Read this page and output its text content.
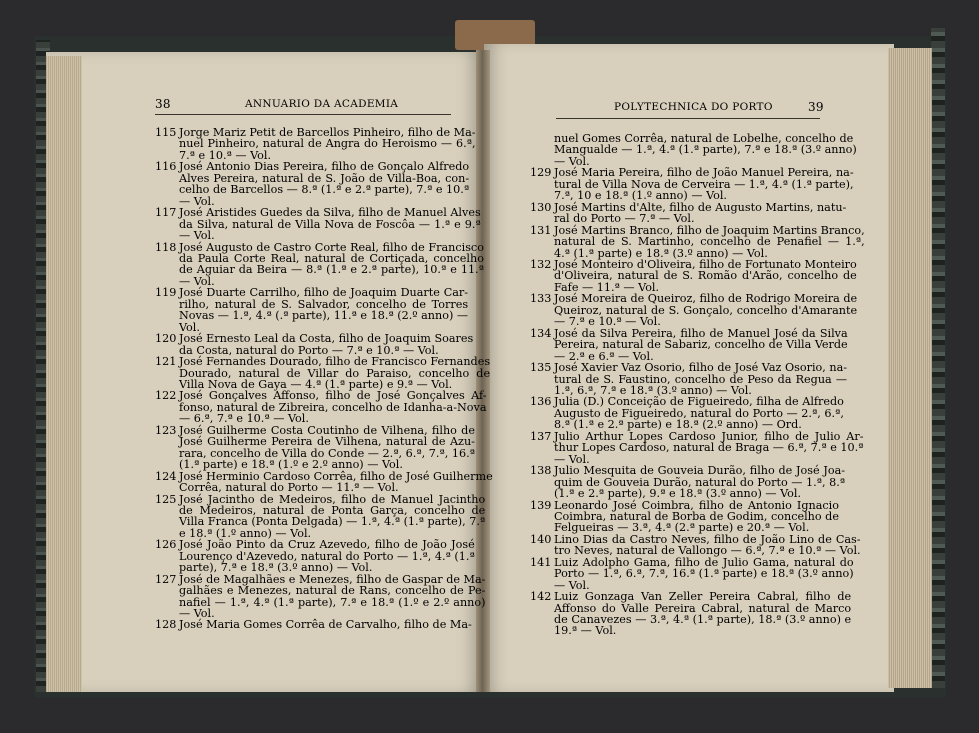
38	ANNUARIO DA ACADEMIA	POLYTECHNICA DO PORTO	39
115 Jorge Mariz Petit de Barcellos Pinheiro, filho de Ma-
nuel Pinheiro, natural de Angra do Heroismo — 6.ª,
7.ª e 10.ª — Vol.
116 José Antonio Dias Pereira, filho de Gonçalo Alfredo
Alves Pereira, natural de S. João de Villa-Boa, con-
celho de Barcellos — 8.ª (1.ª e 2.ª parte), 7.ª e 10.ª
— Vol.
117 José Aristides Guedes da Silva, filho de Manuel Alves
da Silva, natural de Villa Nova de Foscôa — 1.ª e 9.ª
— Vol.
118 José Augusto de Castro Corte Real, filho de Francisco
da Paula Corte Real, natural de Cortiçada, concelho
de Aguiar da Beira — 8.ª (1.ª e 2.ª parte), 10.ª e 11.ª
— Vol.
119 José Duarte Carrilho, filho de Joaquim Duarte Car-
rilho, natural de S. Salvador, concelho de Torres
Novas — 1.ª, 4.ª (.ª parte), 11.ª e 18.ª (2.º anno) —
Vol.
120 José Ernesto Leal da Costa, filho de Joaquim Soares
da Costa, natural do Porto — 7.ª e 10.ª — Vol.
121 José Fernandes Dourado, filho de Francisco Fernandes
Dourado, natural de Villar do Paraiso, concelho de
Villa Nova de Gaya — 4.ª (1.ª parte) e 9.ª — Vol.
122 José Gonçalves Affonso, filho de José Gonçalves Af-
fonso, natural de Zibreira, concelho de Idanha-a-Nova
— 6.ª, 7.ª e 10.ª — Vol.
123 José Guilherme Costa Coutinho de Vilhena, filho de
José Guilherme Pereira de Vilhena, natural de Azu-
rara, concelho de Villa do Conde — 2.ª, 6.ª, 7.ª, 16.ª
(1.ª parte) e 18.ª (1.º e 2.º anno) — Vol.
124 José Herminio Cardoso Corrêa, filho de José Guilherme
Corrêa, natural do Porto — 11.ª — Vol.
125 José Jacintho de Medeiros, filho de Manuel Jacintho
de Medeiros, natural de Ponta Garça, concelho de
Villa Franca (Ponta Delgada) — 1.ª, 4.ª (1.ª parte), 7.ª
e 18.ª (1.º anno) — Vol.
126 José João Pinto da Cruz Azevedo, filho de João José
Lourenço d'Azevedo, natural do Porto — 1.ª, 4.ª (1.ª
parte), 7.ª e 18.ª (3.º anno) — Vol.
127 José de Magalhães e Menezes, filho de Gaspar de Ma-
galhães e Menezes, natural de Rans, concelho de Pe-
nafiel — 1.ª, 4.ª (1.ª parte), 7.ª e 18.ª (1.º e 2.º anno)
— Vol.
128 José Maria Gomes Corrêa de Carvalho, filho de Ma-
nuel Gomes Corrêa, natural de Lobelhe, concelho de
Mangualde — 1.ª, 4.ª (1.ª parte), 7.ª e 18.ª (3.º anno)
— Vol.
129 José Maria Pereira, filho de João Manuel Pereira, na-
tural de Villa Nova de Cerveira — 1.ª, 4.ª (1.ª parte),
7.ª, 10 e 18.ª (1.º anno) — Vol.
130 José Martins d'Alte, filho de Augusto Martins, natu-
ral do Porto — 7.ª — Vol.
131 José Martins Branco, filho de Joaquim Martins Branco,
natural de S. Martinho, concelho de Penafiel — 1.ª,
4.ª (1.ª parte) e 18.ª (3.º anno) — Vol.
132 José Monteiro d'Oliveira, filho de Fortunato Monteiro
d'Oliveira, natural de S. Romão d'Arão, concelho de
Fafe — 11.ª — Vol.
133 José Moreira de Queiroz, filho de Rodrigo Moreira de
Queiroz, natural de S. Gonçalo, concelho d'Amarante
— 7.ª e 10.ª — Vol.
134 José da Silva Pereira, filho de Manuel José da Silva
Pereira, natural de Sabariz, concelho de Villa Verde
— 2.ª e 6.ª — Vol.
135 José Xavier Vaz Osorio, filho de José Vaz Osorio, na-
tural de S. Faustino, concelho de Peso da Regua —
1.ª, 6.ª, 7.ª e 18.ª (3.º anno) — Vol.
136 Julia (D.) Conceição de Figueiredo, filha de Alfredo
Augusto de Figueiredo, natural do Porto — 2.ª, 6.ª,
8.ª (1.ª e 2.ª parte) e 18.ª (2.º anno) — Ord.
137 Julio Arthur Lopes Cardoso Junior, filho de Julio Ar-
thur Lopes Cardoso, natural de Braga — 6.ª, 7.ª e 10.ª
— Vol.
138 Julio Mesquita de Gouveia Durão, filho de José Joa-
quim de Gouveia Durão, natural do Porto — 1.ª, 8.ª
(1.ª e 2.ª parte), 9.ª e 18.ª (3.º anno) — Vol.
139 Leonardo José Coimbra, filho de Antonio Ignacio
Coimbra, natural de Borba de Godim, concelho de
Felgueiras — 3.ª, 4.ª (2.ª parte) e 20.ª — Vol.
140 Lino Dias da Castro Neves, filho de João Lino de Cas-
tro Neves, natural de Vallongo — 6.ª, 7.ª e 10.ª — Vol.
141 Luiz Adolpho Gama, filho de Julio Gama, natural do
Porto — 1.ª, 6.ª, 7.ª, 16.ª (1.ª parte) e 18.ª (3.º anno)
— Vol.
142 Luiz Gonzaga Van Zeller Pereira Cabral, filho de
Affonso do Valle Pereira Cabral, natural de Marco
de Canavezes — 3.ª, 4.ª (1.ª parte), 18.ª (3.º anno) e
19.ª — Vol.
